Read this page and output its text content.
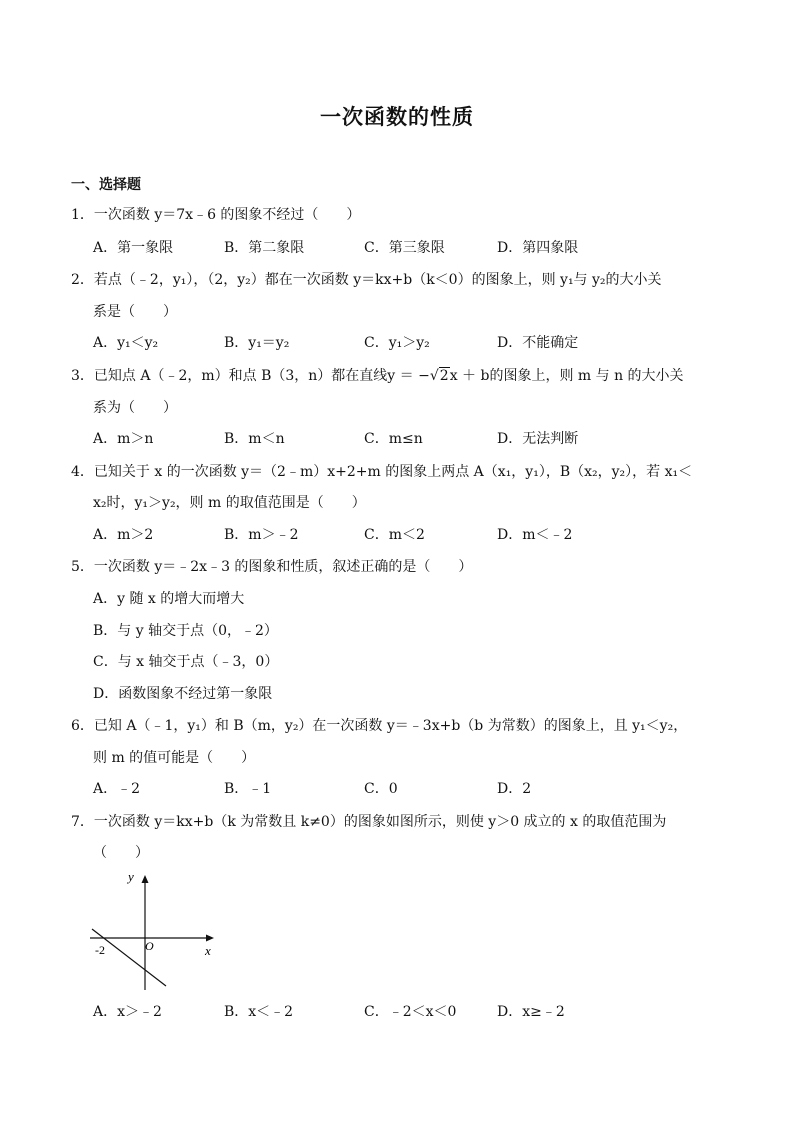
一次函数的性质
一、选择题
1．一次函数 y＝7x﹣6 的图象不经过（　　）
A．第一象限	B．第二象限	C．第三象限	D．第四象限
2．若点（﹣2，y₁），（2，y₂）都在一次函数 y＝kx+b（k＜0）的图象上，则 y₁与 y₂的大小关
系是（　　）
A．y₁＜y₂	B．y₁＝y₂	C．y₁＞y₂	D．不能确定
3．已知点 A（﹣2，m）和点 B（3，n）都在直线y ＝ −√2x ＋ b的图象上，则 m 与 n 的大小关
系为（　　）
A．m＞n	B．m＜n	C．m≤n	D．无法判断
4．已知关于 x 的一次函数 y＝（2﹣m）x+2+m 的图象上两点 A（x₁，y₁），B（x₂，y₂），若 x₁＜
x₂时，y₁＞y₂，则 m 的取值范围是（　　）
A．m＞2	B．m＞﹣2	C．m＜2	D．m＜﹣2
5．一次函数 y＝﹣2x﹣3 的图象和性质，叙述正确的是（　　）
A．y 随 x 的增大而增大
B．与 y 轴交于点（0，﹣2）
C．与 x 轴交于点（﹣3，0）
D．函数图象不经过第一象限
6．已知 A（﹣1，y₁）和 B（m，y₂）在一次函数 y＝﹣3x+b（b 为常数）的图象上，且 y₁＜y₂，
则 m 的值可能是（　　）
A．﹣2	B．﹣1	C．0	D．2
7．一次函数 y＝kx+b（k 为常数且 k≠0）的图象如图所示，则使 y＞0 成立的 x 的取值范围为
（　　）
y
x
O
-2
A．x＞﹣2	B．x＜﹣2	C．﹣2＜x＜0	D．x≥﹣2
